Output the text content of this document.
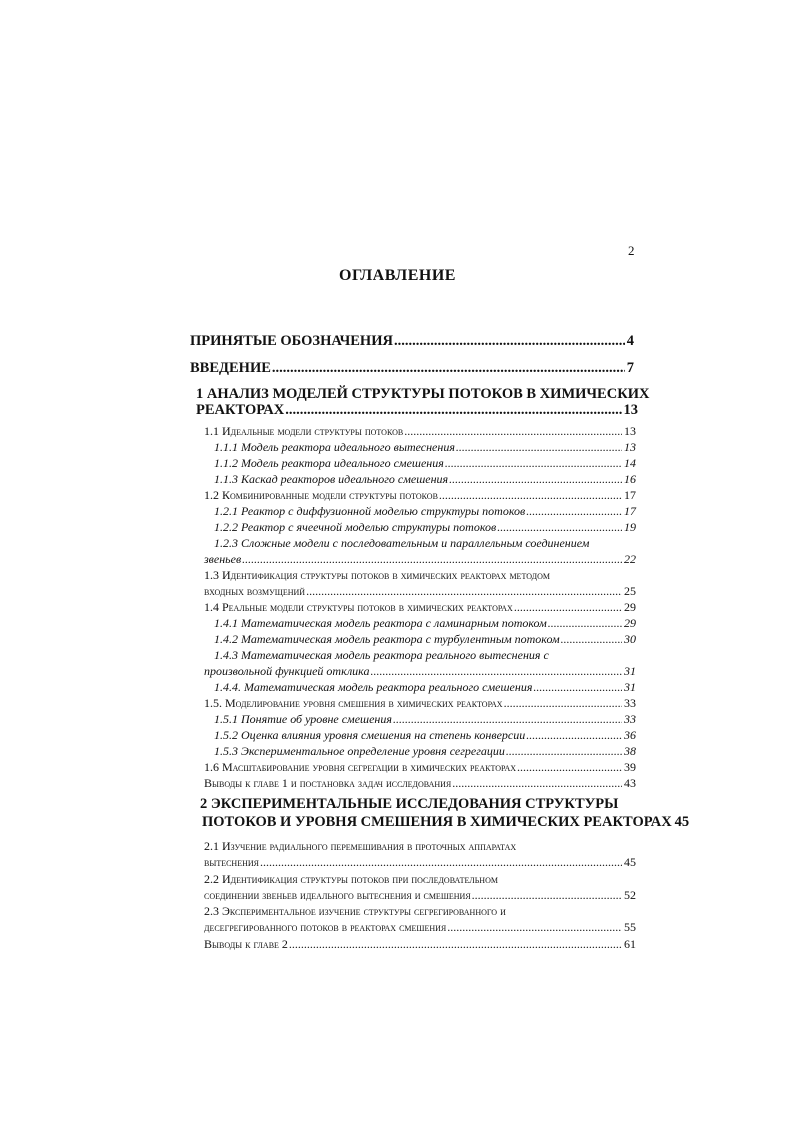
2
ОГЛАВЛЕНИЕ
ПРИНЯТЫЕ ОБОЗНАЧЕНИЯ .....	4
ВВЕДЕНИЕ .....	7
1 АНАЛИЗ МОДЕЛЕЙ СТРУКТУРЫ ПОТОКОВ В ХИМИЧЕСКИХ
РЕАКТОРАХ .....	13
1.1 Идеальные модели структуры потоков .....	13
1.1.1 Модель реактора идеального вытеснения .....	13
1.1.2 Модель реактора идеального смешения .....	14
1.1.3 Каскад реакторов идеального смешения .....	16
1.2 Комбинированные модели структуры потоков .....	17
1.2.1 Реактор с диффузионной моделью структуры потоков .....	17
1.2.2 Реактор с ячеечной моделью структуры потоков .....	19
1.2.3 Сложные модели с последовательным и параллельным соединением
звеньев .....	22
1.3 Идентификация структуры потоков в химических реакторах методом
входных возмущений .....	25
1.4 Реальные модели структуры потоков в химических реакторах .....	29
1.4.1 Математическая модель реактора с ламинарным потоком .....	29
1.4.2 Математическая модель реактора с турбулентным потоком .....	30
1.4.3 Математическая модель реактора реального вытеснения с
произвольной функцией отклика .....	31
1.4.4. Математическая модель реактора реального смешения .....	31
1.5. Моделирование уровня смешения в химических реакторах .....	33
1.5.1 Понятие об уровне смешения .....	33
1.5.2 Оценка влияния уровня смешения на степень конверсии .....	36
1.5.3 Экспериментальное определение уровня сегрегации .....	38
1.6 Масштабирование уровня сегрегации в химических реакторах .....	39
Выводы к главе 1 и постановка задач исследования .....	43
2 ЭКСПЕРИМЕНТАЛЬНЫЕ ИССЛЕДОВАНИЯ СТРУКТУРЫ
ПОТОКОВ И УРОВНЯ СМЕШЕНИЯ В ХИМИЧЕСКИХ РЕАКТОРАХ 45
2.1 Изучение радиального перемешивания в проточных аппаратах
вытеснения .....	45
2.2 Идентификация структуры потоков при последовательном
соединении звеньев идеального вытеснения и смешения .....	52
2.3 Экспериментальное изучение структуры сегрегированного и
десегрегированного потоков в реакторах смешения .....	55
Выводы к главе 2 .....	61
